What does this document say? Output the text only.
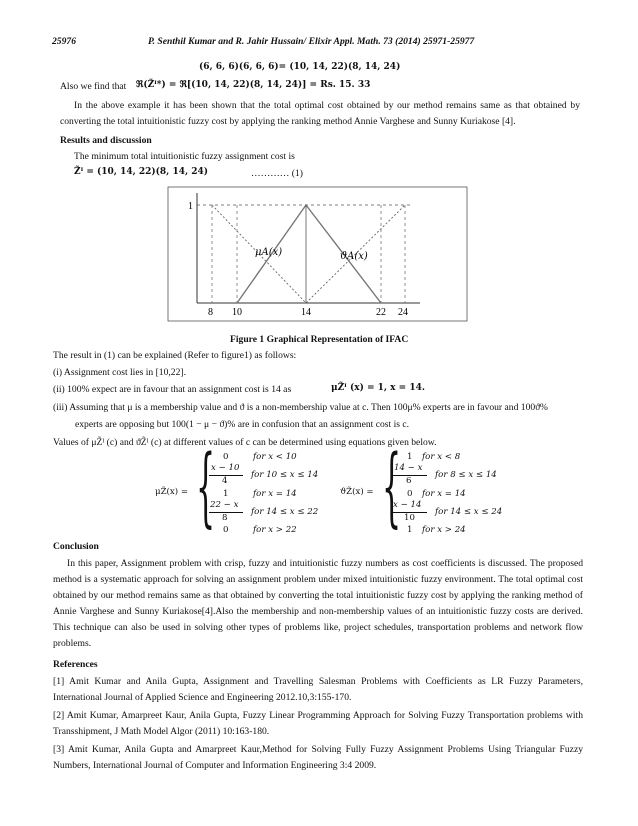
25976	P. Senthil Kumar and R. Jahir Hussain/ Elixir Appl. Math. 73 (2014) 25971-25977
(6, 6, 6)(6, 6, 6)= (10, 14, 22)(8, 14, 24)
Also we find that ℜ(Z̃ᴵ*) = ℜ[(10, 14, 22)(8, 14, 24)] = Rs. 15. 33
In the above example it has been shown that the total optimal cost obtained by our method remains same as that obtained by converting the total intuitionistic fuzzy cost by applying the ranking method Annie Varghese and Sunny Kuriakose [4].
Results and discussion
The minimum total intuitionistic fuzzy assignment cost is
Z̃ᴵ = (10, 14, 22)(8, 14, 24)	………… (1)
1
μA(x)	ϑA(x)
8 10	14	22 24
Figure 1 Graphical Representation of IFAC
The result in (1) can be explained (Refer to figure1) as follows:
(i) Assignment cost lies in [10,22].
(ii) 100% expect are in favour that an assignment cost is 14 as	μZ̃ᴵ (x) = 1, x = 14.
(iii) Assuming that μ is a membership value and ϑ is a non-membership value at c. Then 100μ% experts are in favour and 100ϑ%
experts are opposing but 100(1 − μ − ϑ)% are in confusion that an assignment cost is c.
Values of μZ̃ᴵ (c) and ϑZ̃ᴵ (c) at different values of c can be determined using equations given below.
μZ̃(x) = { 0	for x < 10
x − 10
4
for 10 ≤ x ≤ 14
1	for x = 14
22 − x
8
for 14 ≤ x ≤ 22
0	for x > 22
ϑZ̃(x) = { 1 for x < 8
14 − x
6
for 8 ≤ x ≤ 14
0 for x = 14
x − 14
10
for 14 ≤ x ≤ 24
1 for x > 24
Conclusion
In this paper, Assignment problem with crisp, fuzzy and intuitionistic fuzzy numbers as cost coefficients is discussed. The proposed method is a systematic approach for solving an assignment problem under mixed intuitionistic fuzzy environment. The total optimal cost obtained by our method remains same as that obtained by converting the total intuitionistic fuzzy cost by applying the ranking method of Annie Varghese and Sunny Kuriakose[4].Also the membership and non-membership values of an intuitionistic fuzzy costs are derived. This technique can also be used in solving other types of problems like, project schedules, transportation problems and network flow problems.
References
[1] Amit Kumar and Anila Gupta, Assignment and Travelling Salesman Problems with Coefficients as LR Fuzzy Parameters, International Journal of Applied Science and Engineering 2012.10,3:155-170.
[2] Amit Kumar, Amarpreet Kaur, Anila Gupta, Fuzzy Linear Programming Approach for Solving Fuzzy Transportation problems with Transshipment, J Math Model Algor (2011) 10:163-180.
[3] Amit Kumar, Anila Gupta and Amarpreet Kaur,Method for Solving Fully Fuzzy Assignment Problems Using Triangular Fuzzy Numbers, International Journal of Computer and Information Engineering 3:4 2009.
